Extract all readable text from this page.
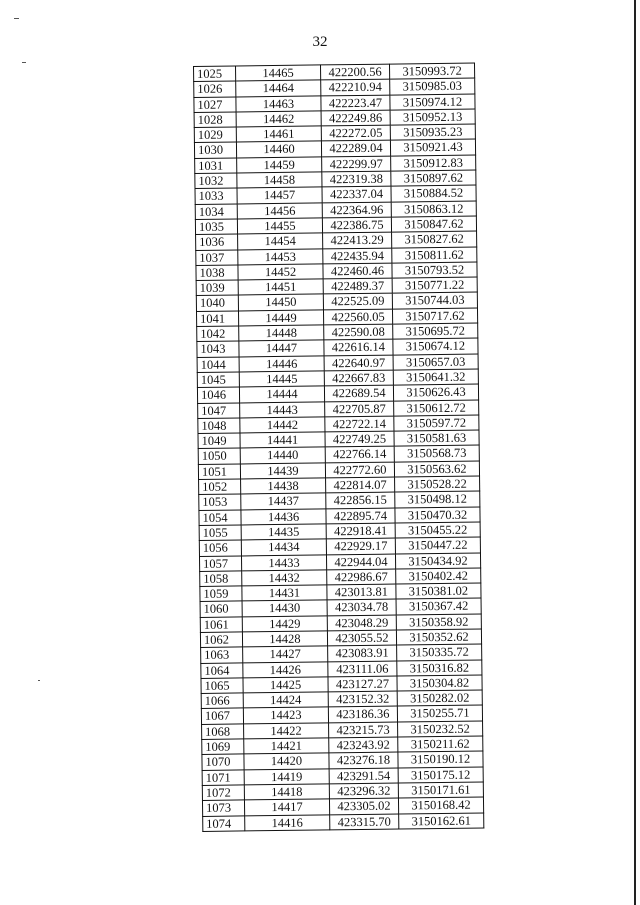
32
1025	14465	422200.56	3150993.72
1026	14464	422210.94	3150985.03
1027	14463	422223.47	3150974.12
1028	14462	422249.86	3150952.13
1029	14461	422272.05	3150935.23
1030	14460	422289.04	3150921.43
1031	14459	422299.97	3150912.83
1032	14458	422319.38	3150897.62
1033	14457	422337.04	3150884.52
1034	14456	422364.96	3150863.12
1035	14455	422386.75	3150847.62
1036	14454	422413.29	3150827.62
1037	14453	422435.94	3150811.62
1038	14452	422460.46	3150793.52
1039	14451	422489.37	3150771.22
1040	14450	422525.09	3150744.03
1041	14449	422560.05	3150717.62
1042	14448	422590.08	3150695.72
1043	14447	422616.14	3150674.12
1044	14446	422640.97	3150657.03
1045	14445	422667.83	3150641.32
1046	14444	422689.54	3150626.43
1047	14443	422705.87	3150612.72
1048	14442	422722.14	3150597.72
1049	14441	422749.25	3150581.63
1050	14440	422766.14	3150568.73
1051	14439	422772.60	3150563.62
1052	14438	422814.07	3150528.22
1053	14437	422856.15	3150498.12
1054	14436	422895.74	3150470.32
1055	14435	422918.41	3150455.22
1056	14434	422929.17	3150447.22
1057	14433	422944.04	3150434.92
1058	14432	422986.67	3150402.42
1059	14431	423013.81	3150381.02
1060	14430	423034.78	3150367.42
1061	14429	423048.29	3150358.92
1062	14428	423055.52	3150352.62
1063	14427	423083.91	3150335.72
1064	14426	423111.06	3150316.82
1065	14425	423127.27	3150304.82
1066	14424	423152.32	3150282.02
1067	14423	423186.36	3150255.71
1068	14422	423215.73	3150232.52
1069	14421	423243.92	3150211.62
1070	14420	423276.18	3150190.12
1071	14419	423291.54	3150175.12
1072	14418	423296.32	3150171.61
1073	14417	423305.02	3150168.42
1074	14416	423315.70	3150162.61
